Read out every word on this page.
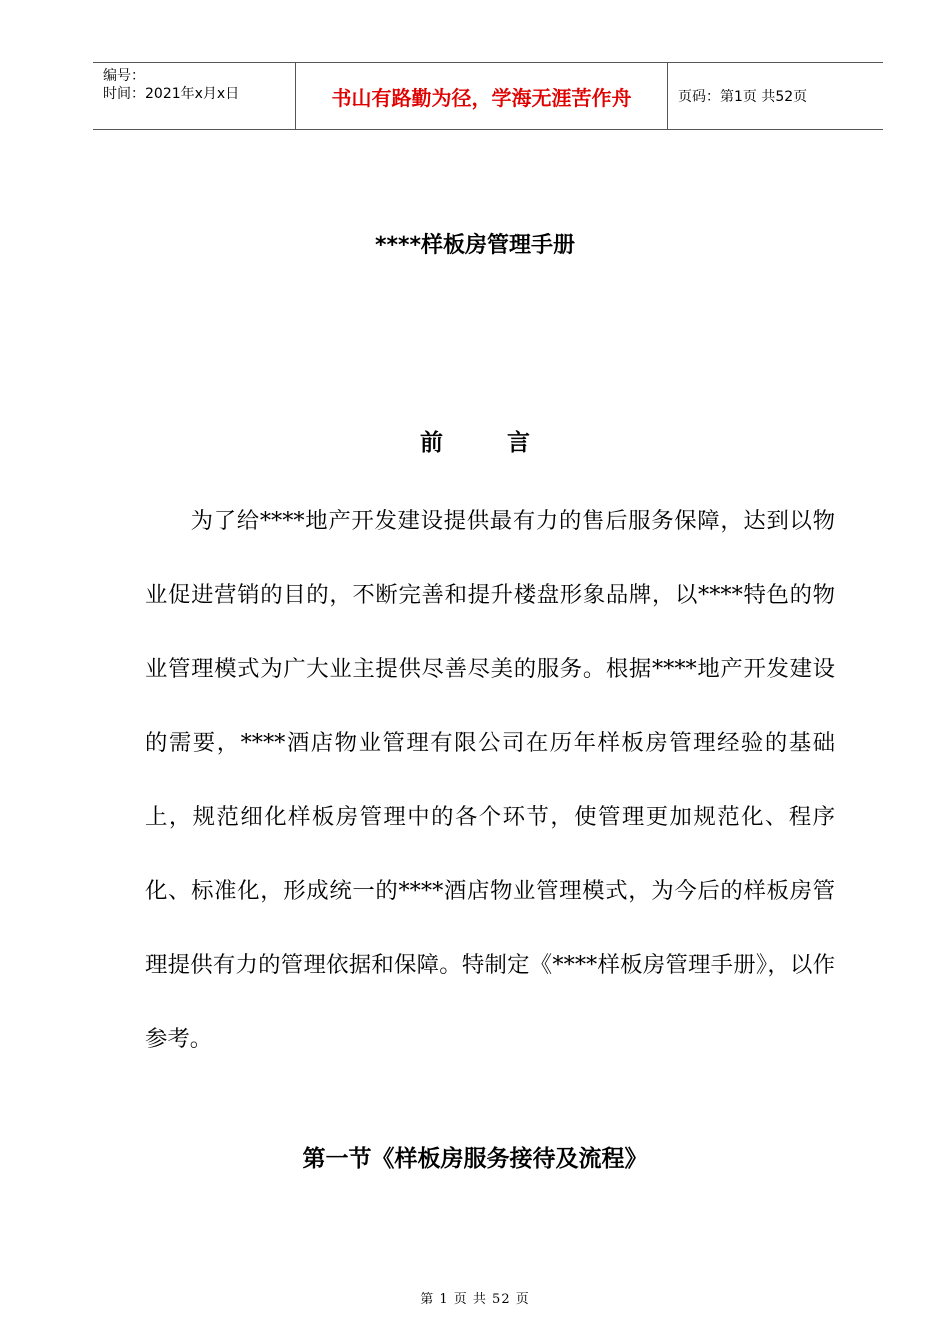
编号：
时间：2021年x月x日	书山有路勤为径，学海无涯苦作舟	页码：第1页 共52页
****样板房管理手册
前 言

为了给****地产开发建设提供最有力的售后服务保障，达到以物业促进营销的目的，不断完善和提升楼盘形象品牌，以****特色的物业管理模式为广大业主提供尽善尽美的服务。根据****地产开发建设的需要，****酒店物业管理有限公司在历年样板房管理经验的基础上，规范细化样板房管理中的各个环节，使管理更加规范化、程序化、标准化，形成统一的****酒店物业管理模式，为今后的样板房管理提供有力的管理依据和保障。特制定《****样板房管理手册》，以作参考。

第一节《样板房服务接待及流程》
第 1 页 共 52 页
